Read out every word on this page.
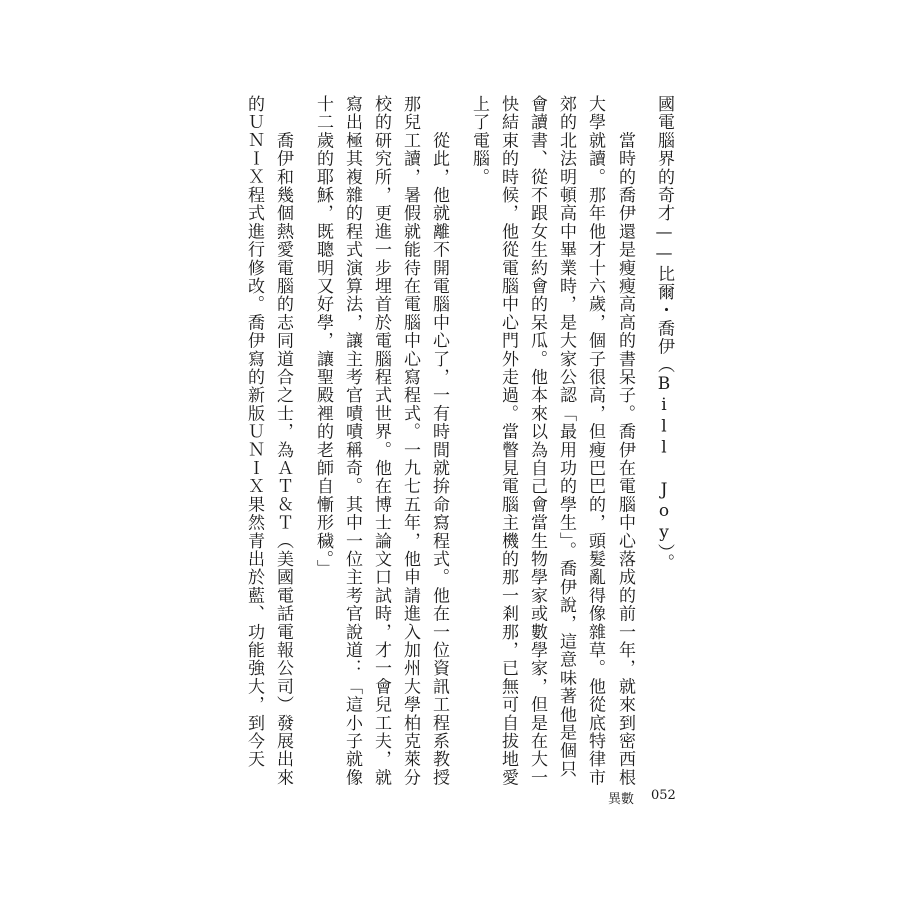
國電腦界的奇才——比爾・喬伊（Bill Joy）。
　　當時的喬伊還是瘦瘦高高的書呆子。喬伊在電腦中心落成的前一年，就來到密西根
大學就讀。那年他才十六歲，個子很高，但瘦巴巴的，頭髮亂得像雜草。他從底特律市
郊的北法明頓高中畢業時，是大家公認「最用功的學生」。喬伊說，這意味著他是個只
會讀書、從不跟女生約會的呆瓜。他本來以為自己會當生物學家或數學家，但是在大一
快結束的時候，他從電腦中心門外走過。當瞥見電腦主機的那一剎那，已無可自拔地愛
上了電腦。
　　從此，他就離不開電腦中心了，一有時間就拚命寫程式。他在一位資訊工程系教授
那兒工讀，暑假就能待在電腦中心寫程式。一九七五年，他申請進入加州大學柏克萊分
校的研究所，更進一步埋首於電腦程式世界。他在博士論文口試時，才一會兒工夫，就
寫出極其複雜的程式演算法，讓主考官嘖嘖稱奇。其中一位主考官說道：「這小子就像
十二歲的耶穌，既聰明又好學，讓聖殿裡的老師自慚形穢。」
　　喬伊和幾個熱愛電腦的志同道合之士，為ＡＴ＆Ｔ（美國電話電報公司）發展出來
的ＵＮＩＸ程式進行修改。喬伊寫的新版ＵＮＩＸ果然青出於藍、功能強大，到今天
異數 052
